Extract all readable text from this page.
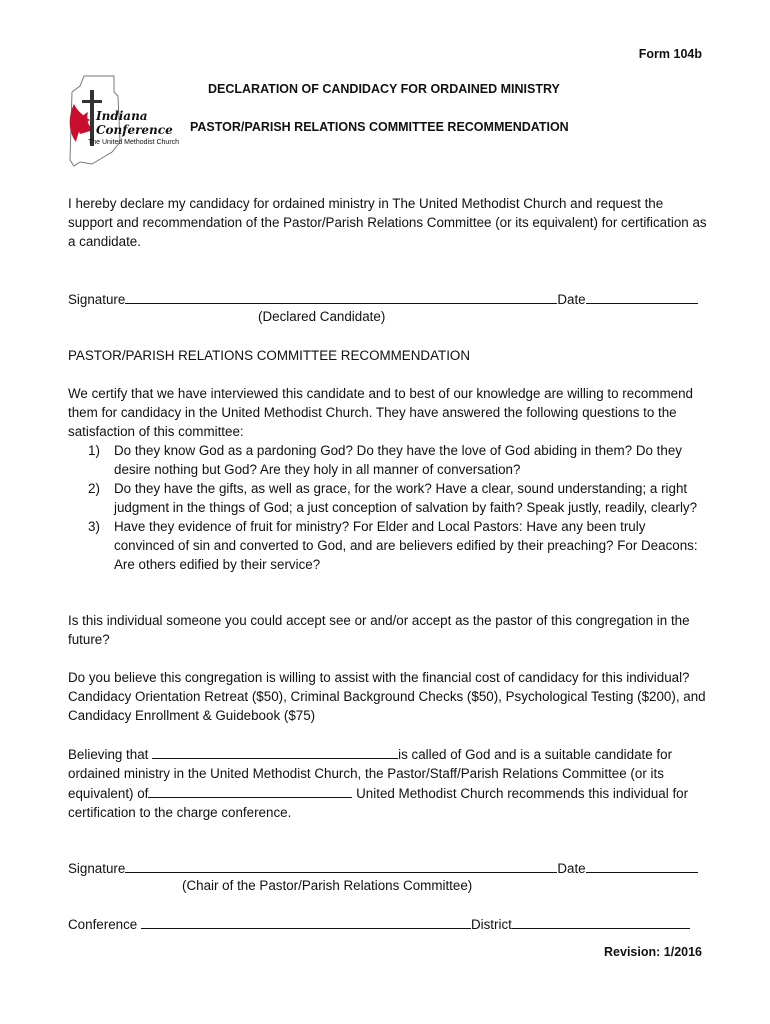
Form 104b
Indiana
Conference
The United Methodist Church
DECLARATION OF CANDIDACY FOR ORDAINED MINISTRY
PASTOR/PARISH RELATIONS COMMITTEE RECOMMENDATION
I hereby declare my candidacy for ordained ministry in The United Methodist Church and request the support and recommendation of the Pastor/Parish Relations Committee (or its equivalent) for certification as a candidate.
Signature	Date
(Declared Candidate)
PASTOR/PARISH RELATIONS COMMITTEE RECOMMENDATION
We certify that we have interviewed this candidate and to best of our knowledge are willing to recommend them for candidacy in the United Methodist Church. They have answered the following questions to the satisfaction of this committee:
1) Do they know God as a pardoning God? Do they have the love of God abiding in them? Do they desire nothing but God? Are they holy in all manner of conversation?
2) Do they have the gifts, as well as grace, for the work? Have a clear, sound understanding; a right judgment in the things of God; a just conception of salvation by faith? Speak justly, readily, clearly?
3) Have they evidence of fruit for ministry? For Elder and Local Pastors: Have any been truly convinced of sin and converted to God, and are believers edified by their preaching? For Deacons: Are others edified by their service?
Is this individual someone you could accept see or and/or accept as the pastor of this congregation in the future?
Do you believe this congregation is willing to assist with the financial cost of candidacy for this individual? Candidacy Orientation Retreat ($50), Criminal Background Checks ($50), Psychological Testing ($200), and Candidacy Enrollment & Guidebook ($75)
Believing that	is called of God and is a suitable candidate for ordained ministry in the United Methodist Church, the Pastor/Staff/Parish Relations Committee (or its equivalent) of	United Methodist Church recommends this individual for certification to the charge conference.
Signature	Date
(Chair of the Pastor/Parish Relations Committee)
Conference	District
Revision: 1/2016
